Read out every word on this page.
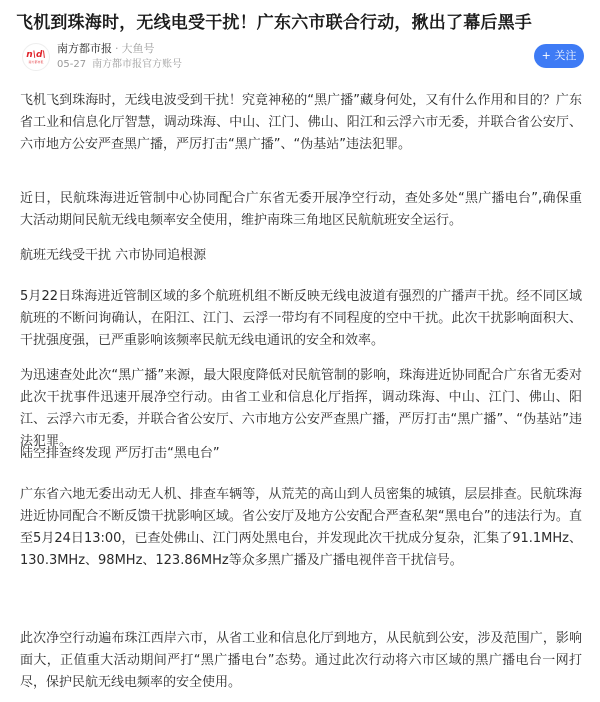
飞机到珠海时，无线电受干扰！广东六市联合行动，揪出了幕后黑手
n\d\
南方都市报
南方都市报 · 大鱼号
05-27 南方都市报官方账号
+ 关注

飞机飞到珠海时，无线电波受到干扰！究竟神秘的“黑广播”藏身何处，又有什么作用和目的？广东省工业和信息化厅智慧，调动珠海、中山、江门、佛山、阳江和云浮六市无委，并联合省公安厅、六市地方公安严查黑广播，严厉打击“黑广播”、“伪基站”违法犯罪。

近日，民航珠海进近管制中心协同配合广东省无委开展净空行动，查处多处“黑广播电台”,确保重大活动期间民航无线电频率安全使用，维护南珠三角地区民航航班安全运行。

航班无线受干扰 六市协同追根源

5月22日珠海进近管制区域的多个航班机组不断反映无线电波道有强烈的广播声干扰。经不同区域航班的不断问询确认，在阳江、江门、云浮一带均有不同程度的空中干扰。此次干扰影响面积大、干扰强度强，已严重影响该频率民航无线电通讯的安全和效率。

为迅速查处此次“黑广播”来源，最大限度降低对民航管制的影响，珠海进近协同配合广东省无委对此次干扰事件迅速开展净空行动。由省工业和信息化厅指挥，调动珠海、中山、江门、佛山、阳江、云浮六市无委，并联合省公安厅、六市地方公安严查黑广播，严厉打击“黑广播”、“伪基站”违法犯罪。

陆空排查终发现 严厉打击“黑电台”

广东省六地无委出动无人机、排查车辆等，从荒芜的高山到人员密集的城镇，层层排查。民航珠海进近协同配合不断反馈干扰影响区域。省公安厅及地方公安配合严查私架“黑电台”的违法行为。直至5月24日13:00，已查处佛山、江门两处黑电台，并发现此次干扰成分复杂，汇集了91.1MHz、130.3MHz、98MHz、123.86MHz等众多黑广播及广播电视伴音干扰信号。

此次净空行动遍布珠江西岸六市，从省工业和信息化厅到地方，从民航到公安，涉及范围广，影响面大，正值重大活动期间严打“黑广播电台”态势。通过此次行动将六市区域的黑广播电台一网打尽，保护民航无线电频率的安全使用。
